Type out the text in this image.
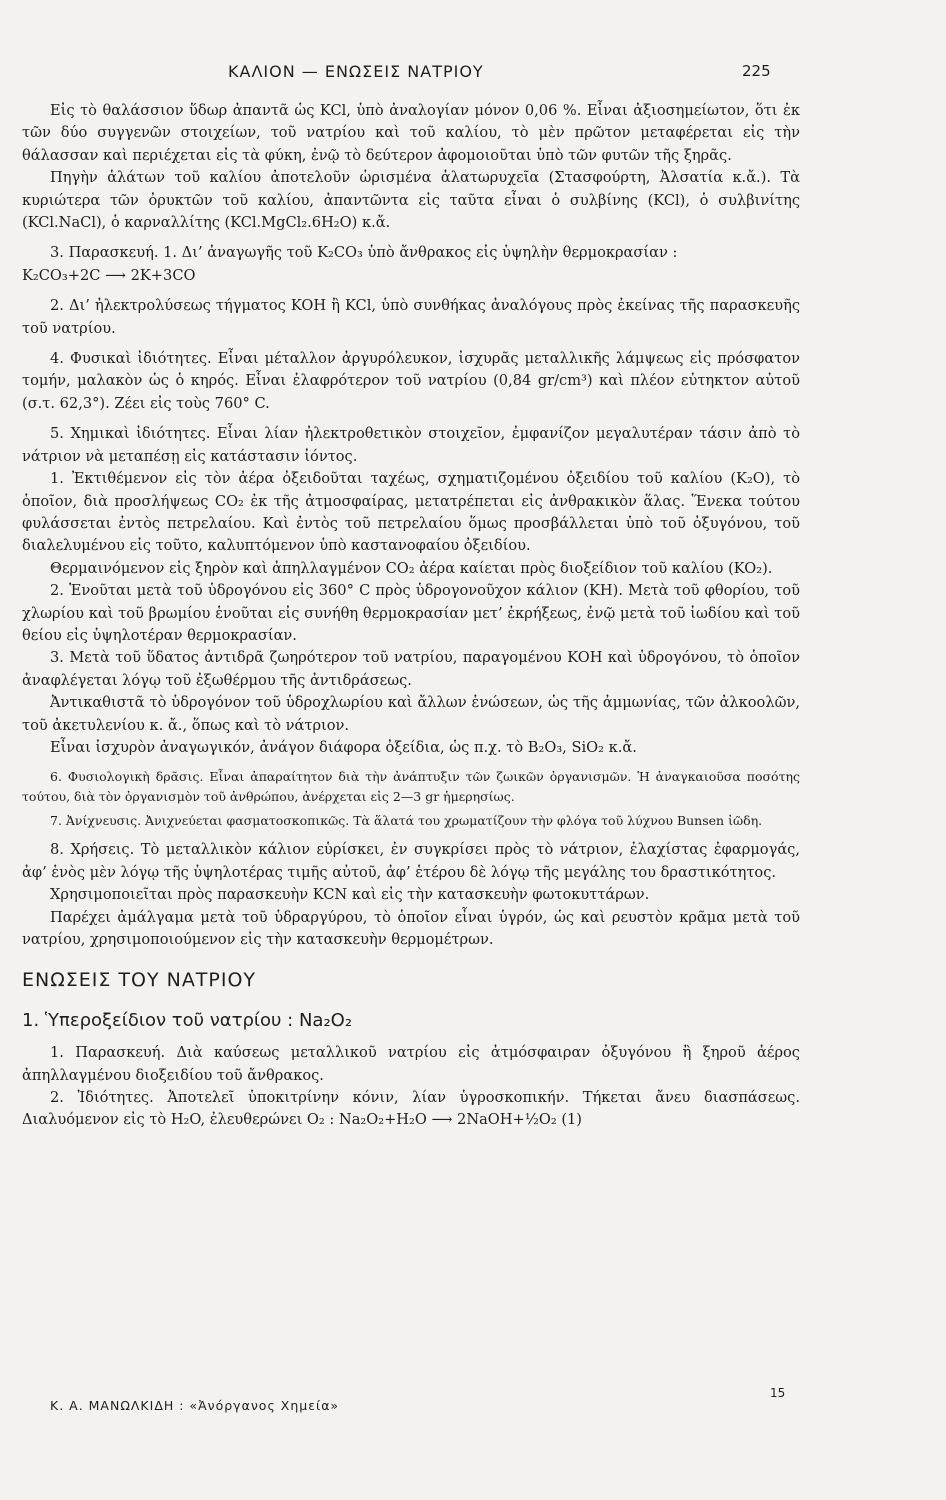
ΚΑΛΙΟΝ — ΕΝΩΣΕΙΣ ΝΑΤΡΙΟΥ	225

Εἰς τὸ θαλάσσιον ὕδωρ ἀπαντᾶ ὡς KCl, ὑπὸ ἀναλογίαν μόνον 0,06 %. Εἶναι ἀξιοσημείωτον, ὅτι ἐκ τῶν δύο συγγενῶν στοιχείων, τοῦ νατρίου καὶ τοῦ καλίου, τὸ μὲν πρῶτον μεταφέρεται εἰς τὴν θάλασσαν καὶ περιέχεται εἰς τὰ φύκη, ἐνῷ τὸ δεύτερον ἀφομοιοῦται ὑπὸ τῶν φυτῶν τῆς ξηρᾶς.

Πηγὴν ἁλάτων τοῦ καλίου ἀποτελοῦν ὡρισμένα ἁλατωρυχεῖα (Στασφούρτη, Ἀλσατία κ.ἄ.). Τὰ κυριώτερα τῶν ὀρυκτῶν τοῦ καλίου, ἀπαντῶντα εἰς ταῦτα εἶναι ὁ συλβίνης (KCl), ὁ συλβινίτης (KCl.NaCl), ὁ καρναλλίτης (KCl.MgCl₂.6H₂O) κ.ἄ.

3. Παρασκευή. 1. Δι’ ἀναγωγῆς τοῦ K₂CO₃ ὑπὸ ἄνθρακος εἰς ὑψηλὴν θερμοκρασίαν :

K₂CO₃+2C ⟶ 2K+3CO

2. Δι’ ἠλεκτρολύσεως τήγματος KOH ἢ KCl, ὑπὸ συνθήκας ἀναλόγους πρὸς ἐκείνας τῆς παρασκευῆς τοῦ νατρίου.

4. Φυσικαὶ ἰδιότητες. Εἶναι μέταλλον ἀργυρόλευκον, ἰσχυρᾶς μεταλλικῆς λάμψεως εἰς πρόσφατον τομήν, μαλακὸν ὡς ὁ κηρός. Εἶναι ἐλαφρότερον τοῦ νατρίου (0,84 gr/cm³) καὶ πλέον εὐτηκτον αὐτοῦ (σ.τ. 62,3°). Ζέει εἰς τοὺς 760° C.

5. Χημικαὶ ἰδιότητες. Εἶναι λίαν ἠλεκτροθετικὸν στοιχεῖον, ἐμφανίζον μεγαλυτέραν τάσιν ἀπὸ τὸ νάτριον νὰ μεταπέσῃ εἰς κατάστασιν ἰόντος.

1. Ἐκτιθέμενον εἰς τὸν ἀέρα ὀξειδοῦται ταχέως, σχηματιζομένου ὀξειδίου τοῦ καλίου (K₂O), τὸ ὁποῖον, διὰ προσλήψεως CO₂ ἐκ τῆς ἀτμοσφαίρας, μετατρέπεται εἰς ἀνθρακικὸν ἅλας. Ἕνεκα τούτου φυλάσσεται ἐντὸς πετρελαίου. Καὶ ἐντὸς τοῦ πετρελαίου ὅμως προσβάλλεται ὑπὸ τοῦ ὀξυγόνου, τοῦ διαλελυμένου εἰς τοῦτο, καλυπτόμενον ὑπὸ καστανοφαίου ὀξειδίου.

Θερμαινόμενον εἰς ξηρὸν καὶ ἀπηλλαγμένον CO₂ ἀέρα καίεται πρὸς διοξείδιον τοῦ καλίου (KO₂).

2. Ἑνοῦται μετὰ τοῦ ὑδρογόνου εἰς 360° C πρὸς ὑδρογονοῦχον κάλιον (KH). Μετὰ τοῦ φθορίου, τοῦ χλωρίου καὶ τοῦ βρωμίου ἑνοῦται εἰς συνήθη θερμοκρασίαν μετ’ ἐκρήξεως, ἐνῷ μετὰ τοῦ ἰωδίου καὶ τοῦ θείου εἰς ὑψηλοτέραν θερμοκρασίαν.

3. Μετὰ τοῦ ὕδατος ἀντιδρᾶ ζωηρότερον τοῦ νατρίου, παραγομένου KOH καὶ ὑδρογόνου, τὸ ὁποῖον ἀναφλέγεται λόγῳ τοῦ ἐξωθέρμου τῆς ἀντιδράσεως.

Ἀντικαθιστᾶ τὸ ὑδρογόνον τοῦ ὑδροχλωρίου καὶ ἄλλων ἑνώσεων, ὡς τῆς ἀμμωνίας, τῶν ἀλκοολῶν, τοῦ ἀκετυλενίου κ. ἄ., ὅπως καὶ τὸ νάτριον.

Εἶναι ἰσχυρὸν ἀναγωγικόν, ἀνάγον διάφορα ὀξείδια, ὡς π.χ. τὸ B₂O₃, SiO₂ κ.ἄ.

6. Φυσιολογικὴ δρᾶσις. Εἶναι ἀπαραίτητον διὰ τὴν ἀνάπτυξιν τῶν ζωικῶν ὀργανισμῶν. Ἡ ἀναγκαιοῦσα ποσότης τούτου, διὰ τὸν ὀργανισμὸν τοῦ ἀνθρώπου, ἀνέρχεται εἰς 2—3 gr ἡμερησίως.

7. Ἀνίχνευσις. Ἀνιχνεύεται φασματοσκοπικῶς. Τὰ ἅλατά του χρωματίζουν τὴν φλόγα τοῦ λύχνου Bunsen ἰῶδη.

8. Χρήσεις. Τὸ μεταλλικὸν κάλιον εὑρίσκει, ἐν συγκρίσει πρὸς τὸ νάτριον, ἐλαχίστας ἐφαρμογάς, ἀφ’ ἑνὸς μὲν λόγῳ τῆς ὑψηλοτέρας τιμῆς αὐτοῦ, ἀφ’ ἑτέρου δὲ λόγῳ τῆς μεγάλης του δραστικότητος.

Χρησιμοποιεῖται πρὸς παρασκευὴν KCN καὶ εἰς τὴν κατασκευὴν φωτοκυττάρων.

Παρέχει ἀμάλγαμα μετὰ τοῦ ὑδραργύρου, τὸ ὁποῖον εἶναι ὑγρόν, ὡς καὶ ρευστὸν κρᾶμα μετὰ τοῦ νατρίου, χρησιμοποιούμενον εἰς τὴν κατασκευὴν θερμομέτρων.

ΕΝΩΣΕΙΣ ΤΟΥ ΝΑΤΡΙΟΥ

1. Ὑπεροξείδιον τοῦ νατρίου : Na₂O₂

1. Παρασκευή. Διὰ καύσεως μεταλλικοῦ νατρίου εἰς ἀτμόσφαιραν ὀξυγόνου ἢ ξηροῦ ἀέρος ἀπηλλαγμένου διοξειδίου τοῦ ἄνθρακος.

2. Ἰδιότητες. Ἀποτελεῖ ὑποκιτρίνην κόνιν, λίαν ὑγροσκοπικήν. Τήκεται ἄνευ διασπάσεως. Διαλυόμενον εἰς τὸ H₂O, ἐλευθερώνει O₂ : Na₂O₂+H₂O ⟶ 2NaOH+½O₂ (1)

Κ. Α. ΜΑΝΩΛΚΙΔΗ : «Ἀνόργανος Χημεία»
15
